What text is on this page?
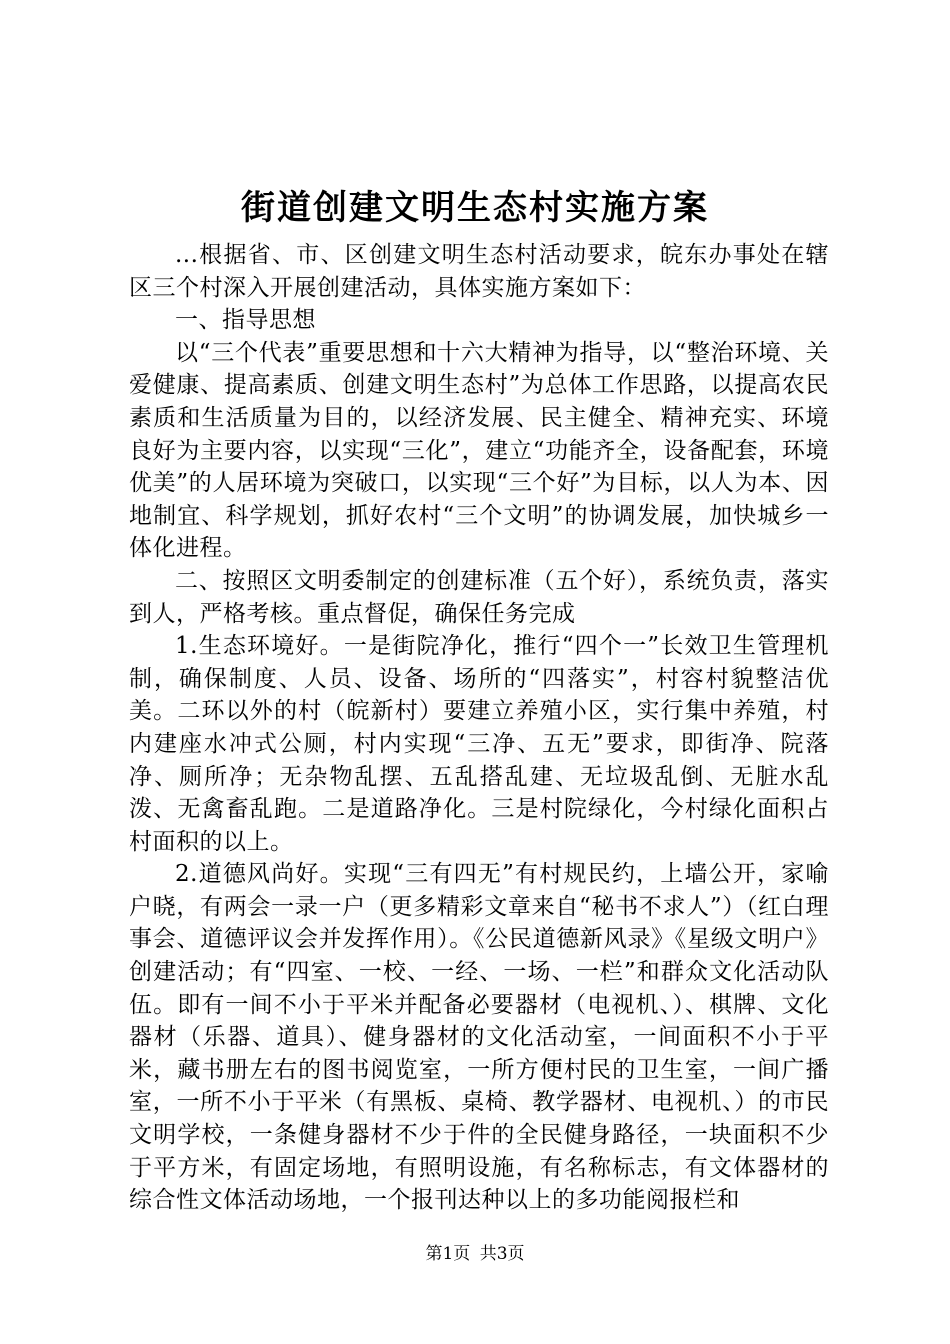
街道创建文明生态村实施方案

...根据省、市、区创建文明生态村活动要求，皖东办事处在辖区三个村深入开展创建活动，具体实施方案如下：

一、指导思想

以“三个代表”重要思想和十六大精神为指导，以“整治环境、关爱健康、提高素质、创建文明生态村”为总体工作思路，以提高农民素质和生活质量为目的，以经济发展、民主健全、精神充实、环境良好为主要内容，以实现“三化”，建立“功能齐全，设备配套，环境优美”的人居环境为突破口，以实现“三个好”为目标，以人为本、因地制宜、科学规划，抓好农村“三个文明”的协调发展，加快城乡一体化进程。

二、按照区文明委制定的创建标准（五个好），系统负责，落实到人，严格考核。重点督促，确保任务完成

1.生态环境好。一是街院净化，推行“四个一”长效卫生管理机制，确保制度、人员、设备、场所的“四落实”，村容村貌整洁优美。二环以外的村（皖新村）要建立养殖小区，实行集中养殖，村内建座水冲式公厕，村内实现“三净、五无”要求，即街净、院落净、厕所净；无杂物乱摆、五乱搭乱建、无垃圾乱倒、无脏水乱泼、无禽畜乱跑。二是道路净化。三是村院绿化，今村绿化面积占村面积的以上。

2.道德风尚好。实现“三有四无”有村规民约，上墙公开，家喻户晓，有两会一录一户（更多精彩文章来自“秘书不求人”）（红白理事会、道德评议会并发挥作用）。《公民道德新风录》《星级文明户》创建活动；有“四室、一校、一经、一场、一栏”和群众文化活动队伍。即有一间不小于平米并配备必要器材（电视机、）、棋牌、文化器材（乐器、道具）、健身器材的文化活动室，一间面积不小于平米，藏书册左右的图书阅览室，一所方便村民的卫生室，一间广播室，一所不小于平米（有黑板、桌椅、教学器材、电视机、）的市民文明学校，一条健身器材不少于件的全民健身路径，一块面积不少于平方米，有固定场地，有照明设施，有名称标志，有文体器材的综合性文体活动场地，一个报刊达种以上的多功能阅报栏和

第1页 共3页
